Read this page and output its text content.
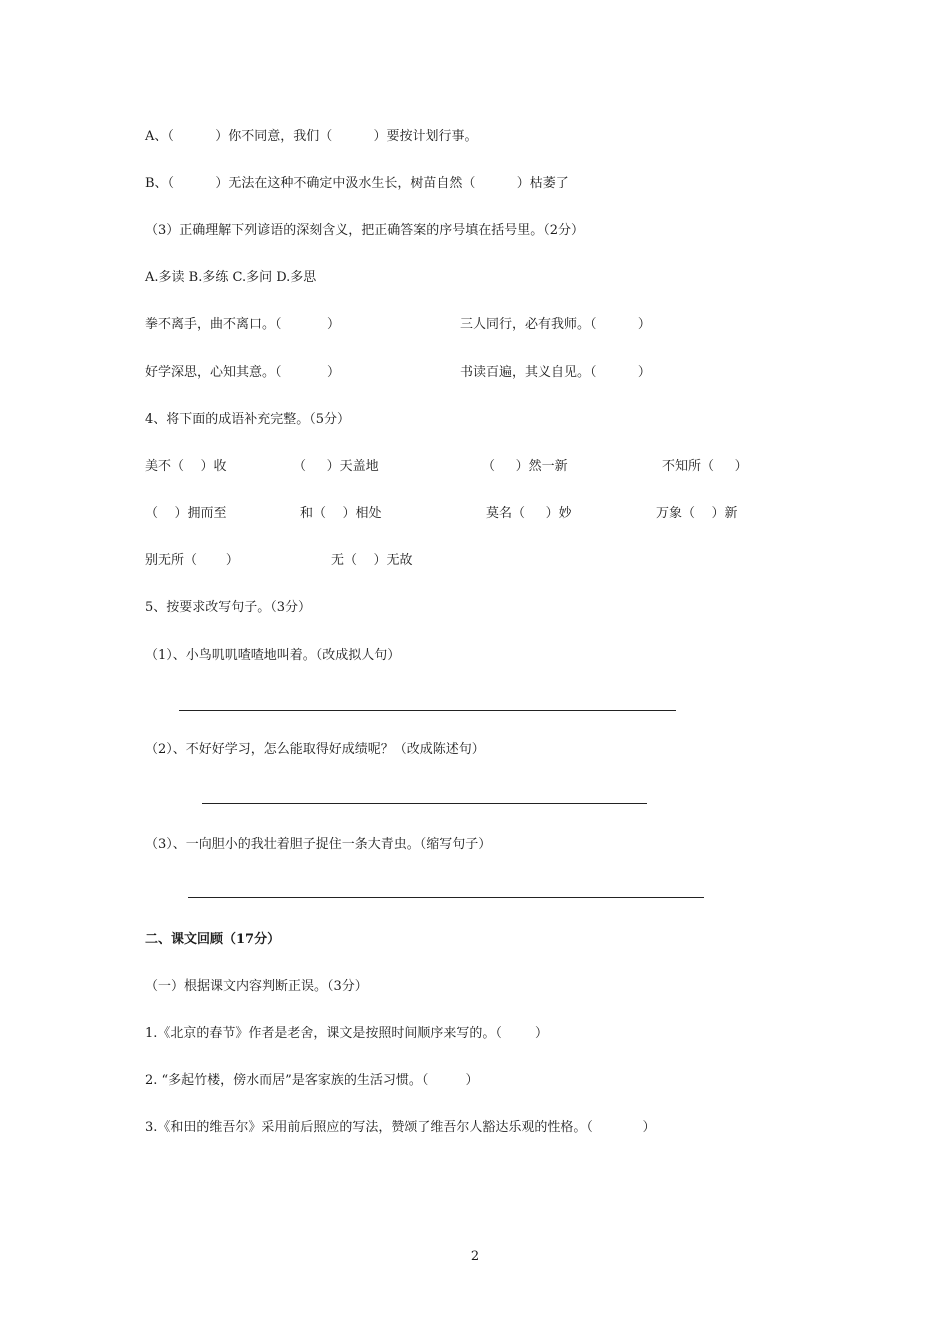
A、（          ）你不同意，我们（          ）要按计划行事。
B、（          ）无法在这种不确定中汲水生长，树苗自然（          ）枯萎了
（3）正确理解下列谚语的深刻含义，把正确答案的序号填在括号里。（2分）
A.多读 B.多练 C.多问 D.多思
拳不离手，曲不离口。（           ）	三人同行，必有我师。（          ）
好学深思，心知其意。（           ）	书读百遍，其义自见。（          ）
4、将下面的成语补充完整。（5分）
美不（    ）收	（     ）天盖地	（     ）然一新	不知所（     ）
（    ）拥而至	和（    ）相处	莫名（     ）妙	万象（    ）新
别无所（       ）	无（    ）无故
5、按要求改写句子。（3分）
（1）、小鸟叽叽喳喳地叫着。（改成拟人句）
（2）、不好好学习，怎么能取得好成绩呢？（改成陈述句）
（3）、一向胆小的我壮着胆子捉住一条大青虫。（缩写句子）
二、课文回顾（17分）
（一）根据课文内容判断正误。（3分）
1.《北京的春节》作者是老舍，课文是按照时间顺序来写的。（        ）
2. “多起竹楼，傍水而居”是客家族的生活习惯。（         ）
3.《和田的维吾尔》采用前后照应的写法，赞颂了维吾尔人豁达乐观的性格。（            ）
2
